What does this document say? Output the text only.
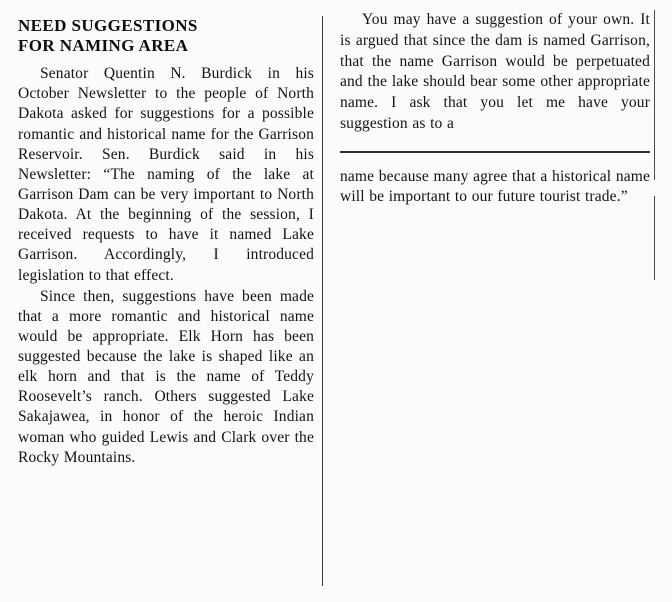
NEED SUGGESTIONS
FOR NAMING AREA

Senator Quentin N. Burdick in his October Newsletter to the people of North Dakota asked for suggestions for a possible romantic and historical name for the Garrison Reservoir. Sen. Burdick said in his Newsletter: “The naming of the lake at Garrison Dam can be very important to North Dakota. At the beginning of the session, I received requests to have it named Lake Garrison. Accordingly, I introduced legislation to that effect.

Since then, suggestions have been made that a more romantic and historical name would be appropriate. Elk Horn has been suggested because the lake is shaped like an elk horn and that is the name of Teddy Roosevelt’s ranch. Others suggested Lake Sakajawea, in honor of the heroic Indian woman who guided Lewis and Clark over the Rocky Mountains.

You may have a suggestion of your own. It is argued that since the dam is named Garrison, that the name Garrison would be perpetuated and the lake should bear some other appropriate name. I ask that you let me have your suggestion as to a

name because many agree that a historical name will be important to our future tourist trade.”
